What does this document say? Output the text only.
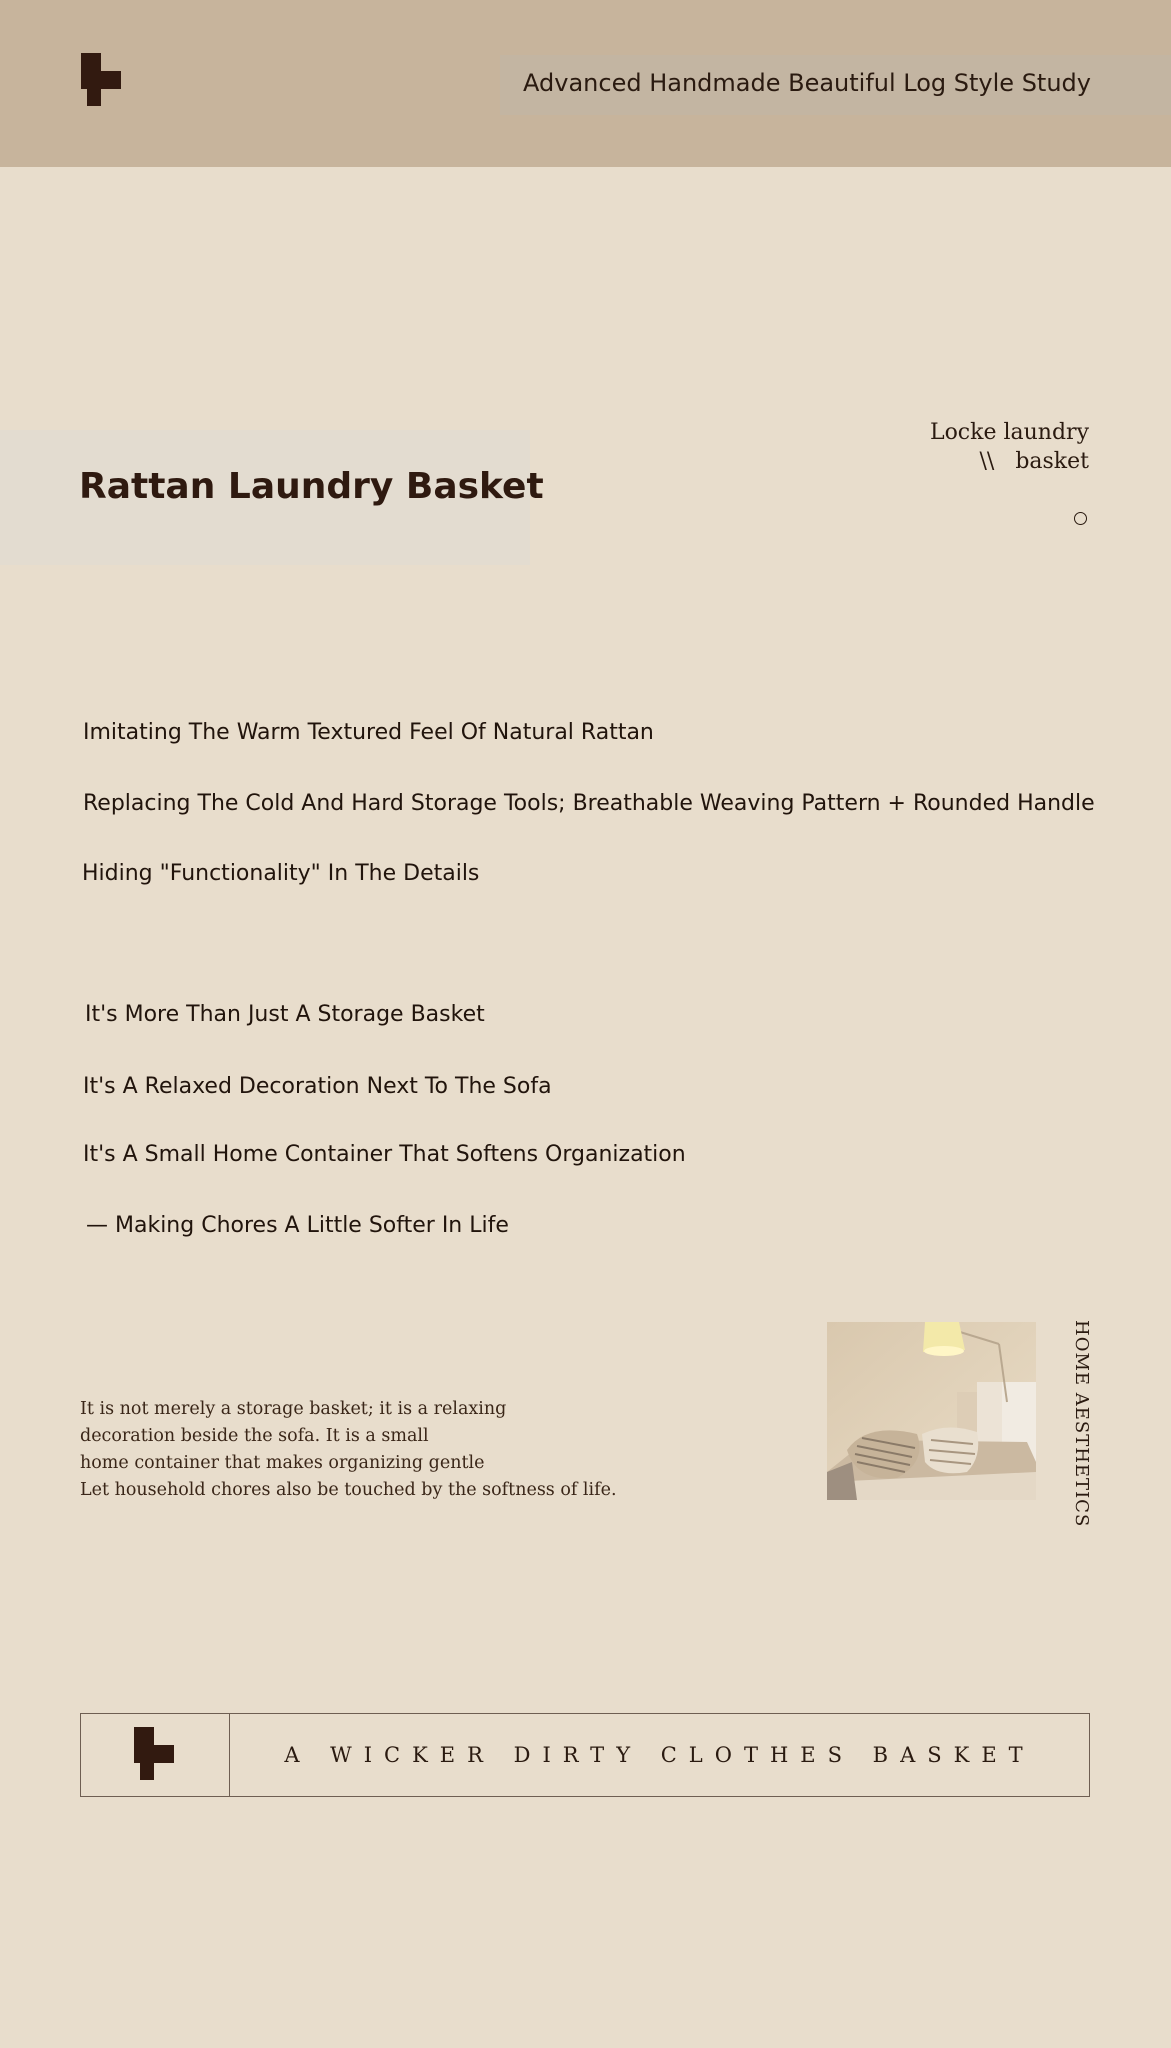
Advanced Handmade Beautiful Log Style Study
Rattan Laundry Basket
Locke laundry
\\   basket
Imitating The Warm Textured Feel Of Natural Rattan
Replacing The Cold And Hard Storage Tools; Breathable Weaving Pattern + Rounded Handle
Hiding "Functionality" In The Details
It's More Than Just A Storage Basket
It's A Relaxed Decoration Next To The Sofa
It's A Small Home Container That Softens Organization
— Making Chores A Little Softer In Life
It is not merely a storage basket; it is a relaxing
decoration beside the sofa. It is a small
home container that makes organizing gentle
Let household chores also be touched by the softness of life.	HOME AESTHETICS
A WICKER DIRTY CLOTHES BASKET
